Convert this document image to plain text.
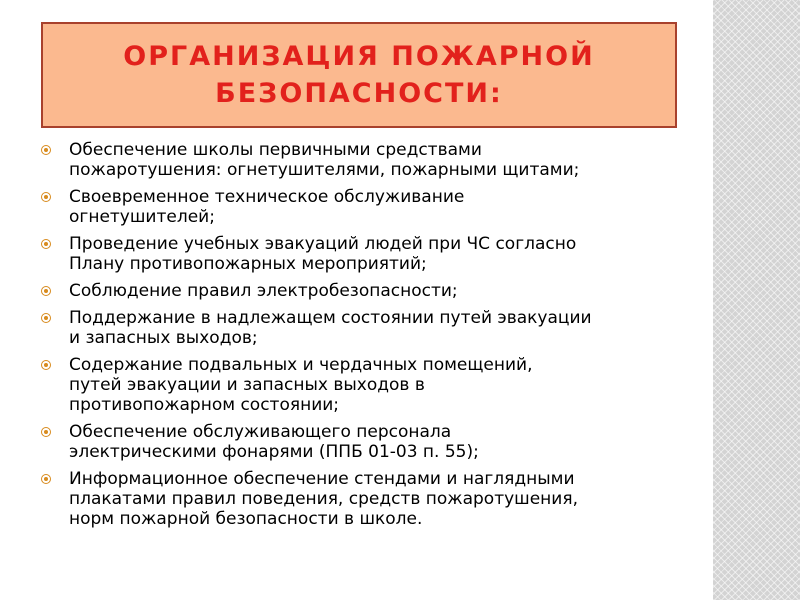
ОРГАНИЗАЦИЯ ПОЖАРНОЙ
БЕЗОПАСНОСТИ:
Обеспечение школы первичными средствами
пожаротушения: огнетушителями, пожарными щитами;
Своевременное техническое обслуживание
огнетушителей;
Проведение учебных эвакуаций людей при ЧС согласно
Плану противопожарных мероприятий;
Соблюдение правил электробезопасности;
Поддержание в надлежащем состоянии путей эвакуации
и запасных выходов;
Содержание подвальных и чердачных помещений,
путей эвакуации и запасных выходов в
противопожарном состоянии;
Обеспечение обслуживающего персонала
электрическими фонарями (ППБ 01-03 п. 55);
Информационное обеспечение стендами и наглядными
плакатами правил поведения, средств пожаротушения,
норм пожарной безопасности в школе.
